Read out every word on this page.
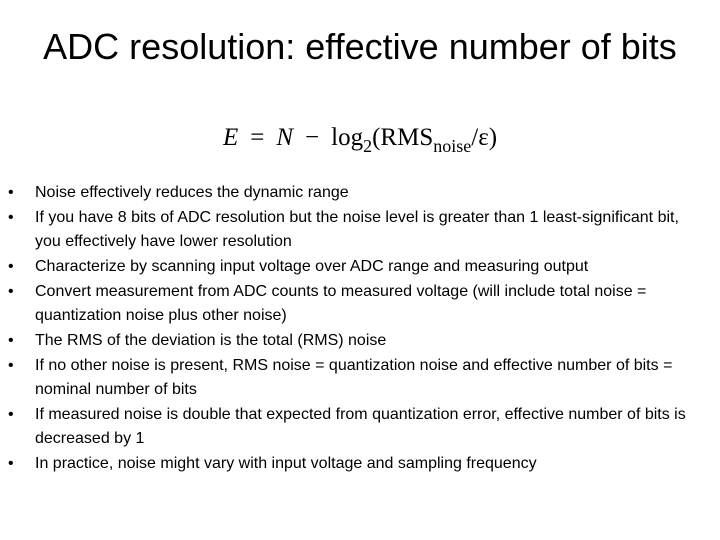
ADC resolution: effective number of bits
$E = N - \log_2(RMS_{noise}/\varepsilon)$
•	Noise effectively reduces the dynamic range
•	If you have 8 bits of ADC resolution but the noise level is greater than 1 least-significant bit, you effectively have lower resolution
•	Characterize by scanning input voltage over ADC range and measuring output
•	Convert measurement from ADC counts to measured voltage (will include total noise = quantization noise plus other noise)
•	The RMS of the deviation is the total (RMS) noise
•	If no other noise is present, RMS noise = quantization noise and effective number of bits = nominal number of bits
•	If measured noise is double that expected from quantization error, effective number of bits is decreased by 1
•	In practice, noise might vary with input voltage and sampling frequency
